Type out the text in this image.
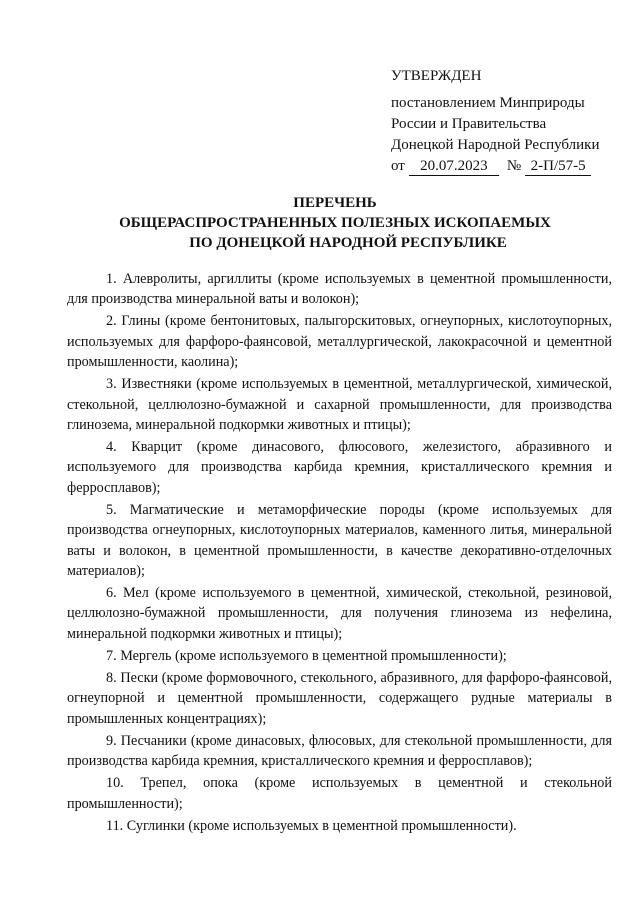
УТВЕРЖДЕН
постановлением Минприроды
России и Правительства
Донецкой Народной Республики
от 20.07.2023 № 2-П/57-5
ПЕРЕЧЕНЬ
ОБЩЕРАСПРОСТРАНЕННЫХ ПОЛЕЗНЫХ ИСКОПАЕМЫХ
ПО ДОНЕЦКОЙ НАРОДНОЙ РЕСПУБЛИКЕ

1. Алевролиты, аргиллиты (кроме используемых в цементной промышленности, для производства минеральной ваты и волокон);

2. Глины (кроме бентонитовых, палыгорскитовых, огнеупорных, кислотоупорных, используемых для фарфоро-фаянсовой, металлургической, лакокрасочной и цементной промышленности, каолина);

3. Известняки (кроме используемых в цементной, металлургической, химической, стекольной, целлюлозно-бумажной и сахарной промышленности, для производства глинозема, минеральной подкормки животных и птицы);

4. Кварцит (кроме динасового, флюсового, железистого, абразивного и используемого для производства карбида кремния, кристаллического кремния и ферросплавов);

5. Магматические и метаморфические породы (кроме используемых для производства огнеупорных, кислотоупорных материалов, каменного литья, минеральной ваты и волокон, в цементной промышленности, в качестве декоративно-отделочных материалов);

6. Мел (кроме используемого в цементной, химической, стекольной, резиновой, целлюлозно-бумажной промышленности, для получения глинозема из нефелина, минеральной подкормки животных и птицы);

7. Мергель (кроме используемого в цементной промышленности);

8. Пески (кроме формовочного, стекольного, абразивного, для фарфоро-фаянсовой, огнеупорной и цементной промышленности, содержащего рудные материалы в промышленных концентрациях);

9. Песчаники (кроме динасовых, флюсовых, для стекольной промышленности, для производства карбида кремния, кристаллического кремния и ферросплавов);

10. Трепел, опока (кроме используемых в цементной и стекольной промышленности);

11. Суглинки (кроме используемых в цементной промышленности).
